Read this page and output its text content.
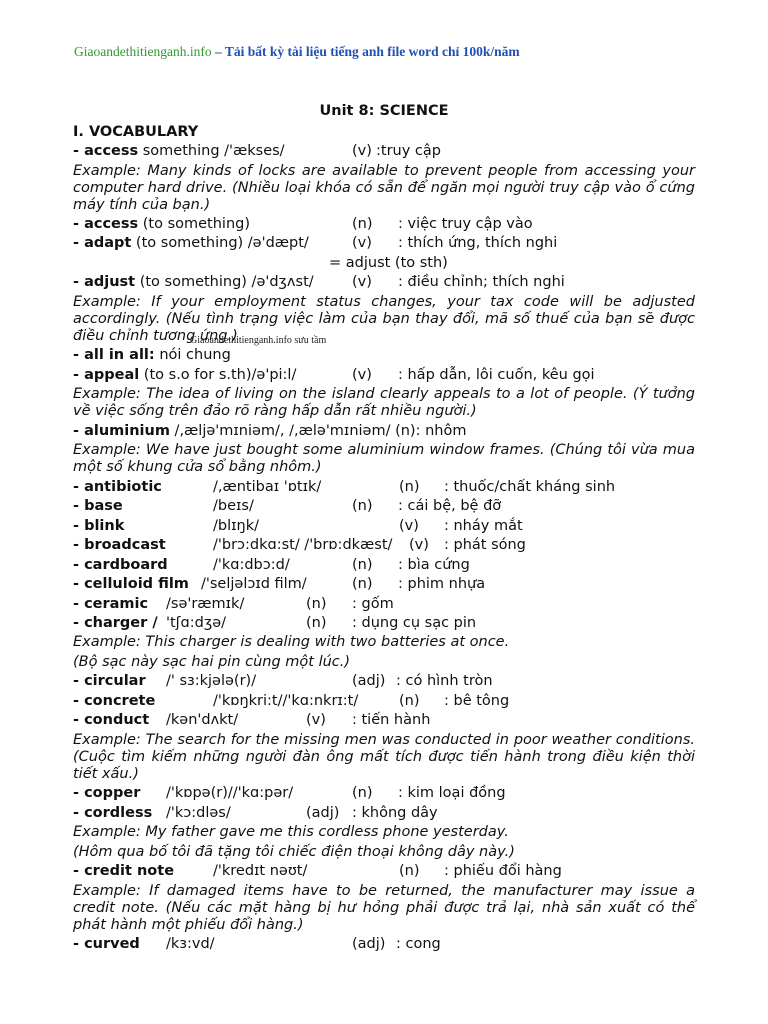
Giaoandethitienganh.info – Tải bất kỳ tài liệu tiếng anh file word chỉ 100k/năm
Unit 8: SCIENCE
I. VOCABULARY
- access something /'ækses/	(v) :truy cập
Example: Many kinds of locks are available to prevent people from accessing your computer hard drive. (Nhiều loại khóa có sẵn để ngăn mọi người truy cập vào ổ cứng máy tính của bạn.)
- access (to something)	(n) : việc truy cập vào
- adapt (to something) /ə'dæpt/	(v) : thích ứng, thích nghi
= adjust (to sth)
- adjust (to something) /ə'dʒʌst/	(v) : điều chỉnh; thích nghi
Example: If your employment status changes, your tax code will be adjusted accordingly. (Nếu tình trạng việc làm của bạn thay đổi, mã số thuế của bạn sẽ được điều chỉnh tương ứng.)
Giaoandethitienganh.info sưu tầm
- all in all: nói chung
- appeal (to s.o for s.th)/ə'pi:l/	(v) : hấp dẫn, lôi cuốn, kêu gọi
Example: The idea of living on the island clearly appeals to a lot of people. (Ý tưởng về việc sống trên đảo rõ ràng hấp dẫn rất nhiều người.)
- aluminium /,æljə'mɪniəm/, /,ælə'mɪniəm/ (n): nhôm
Example: We have just bought some aluminium window frames. (Chúng tôi vừa mua một số khung cửa sổ bằng nhôm.)
- antibiotic	/,æntibaɪ 'ɒtɪk/	(n) : thuốc/chất kháng sinh
- base	/beɪs/	(n) : cái bệ, bệ đỡ
- blink	/blɪŋk/	(v) : nháy mắt
- broadcast	/'brɔ:dkɑ:st/ /'brɒ:dkæst/ (v) : phát sóng
- cardboard	/'kɑ:dbɔ:d/	(n) : bìa cứng
- celluloid film /'seljəlɔɪd film/	(n) : phim nhựa
- ceramic /sə'ræmɪk/	(n) : gốm
- charger / 'tʃɑ:dʒə/	(n) : dụng cụ sạc pin
Example: This charger is dealing with two batteries at once.
(Bộ sạc này sạc hai pin cùng một lúc.)
- circular /' sɜ:kjələ(r)/	(adj) : có hình tròn
- concrete	/'kɒŋkri:t//'kɑ:nkrɪ:t/	(n) : bê tông
- conduct /kən'dʌkt/	(v) : tiến hành
Example: The search for the missing men was conducted in poor weather conditions. (Cuộc tìm kiếm những người đàn ông mất tích được tiến hành trong điều kiện thời tiết xấu.)
- copper /'kɒpə(r)//'kɑ:pər/	(n) : kim loại đồng
- cordless /'kɔ:dləs/	(adj) : không dây
Example: My father gave me this cordless phone yesterday.
(Hôm qua bố tôi đã tặng tôi chiếc điện thoại không dây này.)
- credit note	/'kredɪt nəʊt/	(n) : phiếu đổi hàng
Example: If damaged items have to be returned, the manufacturer may issue a credit note. (Nếu các mặt hàng bị hư hỏng phải được trả lại, nhà sản xuất có thể phát hành một phiếu đổi hàng.)
- curved /kɜ:vd/	(adj) : cong
